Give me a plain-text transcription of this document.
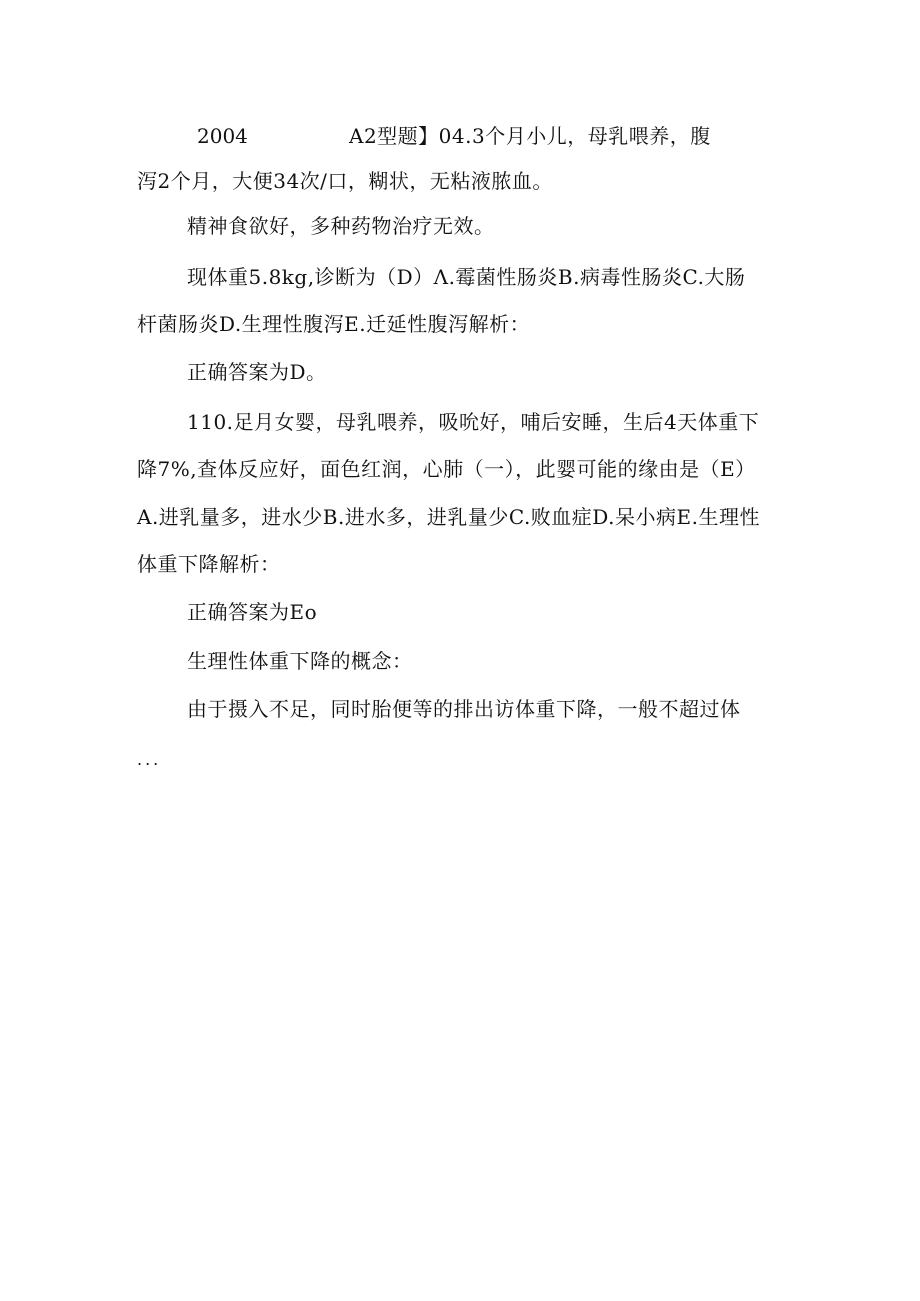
2004	A2型题】04.3个月小儿，母乳喂养，腹
泻2个月，大便34次/口，糊状，无粘液脓血。
精神食欲好，多种药物治疗无效。
现体重5.8kg,诊断为（D）Λ.霉菌性肠炎B.病毒性肠炎C.大肠
杆菌肠炎D.生理性腹泻E.迁延性腹泻解析：
正确答案为D。
110.足月女婴，母乳喂养，吸吮好，哺后安睡，生后4天体重下
降7%,查体反应好，面色红润，心肺（一），此婴可能的缘由是（E）
A.进乳量多，进水少B.进水多，进乳量少C.败血症D.呆小病E.生理性
体重下降解析：
正确答案为Eo
生理性体重下降的概念：
由于摄入不足，同时胎便等的排出访体重下降，一般不超过体
...
